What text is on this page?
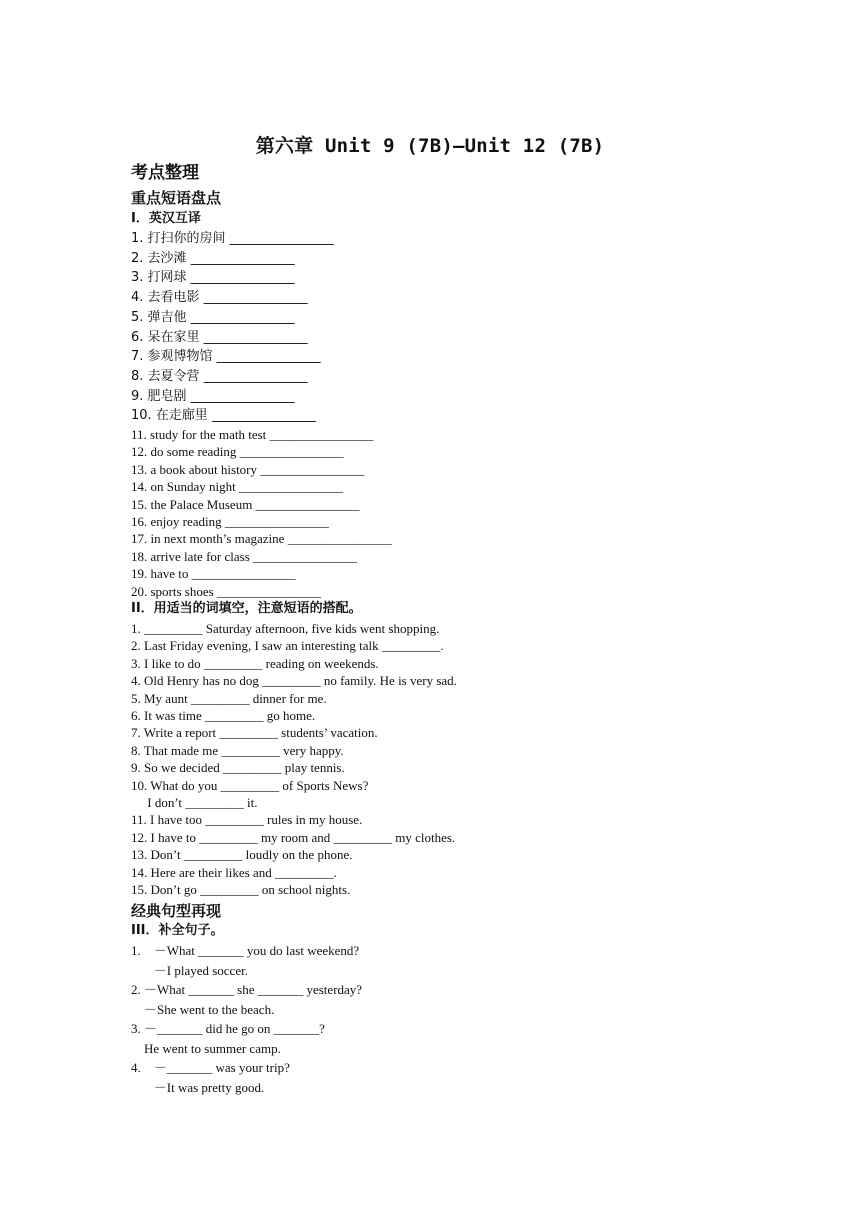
第六章 Unit 9 (7B)—Unit 12 (7B)
考点整理
重点短语盘点
I．英汉互译
1. 打扫你的房间 ________________
2. 去沙滩 ________________
3. 打网球 ________________
4. 去看电影 ________________
5. 弹吉他 ________________
6. 呆在家里 ________________
7. 参观博物馆 ________________
8. 去夏令营 ________________
9. 肥皂剧 ________________
10. 在走廊里 ________________
11. study for the math test ________________
12. do some reading ________________
13. a book about history ________________
14. on Sunday night ________________
15. the Palace Museum ________________
16. enjoy reading ________________
17. in next month’s magazine ________________
18. arrive late for class ________________
19. have to ________________
20. sports shoes ________________
II．用适当的词填空，注意短语的搭配。
1. _________ Saturday afternoon, five kids went shopping.
2. Last Friday evening, I saw an interesting talk _________.
3. I like to do _________ reading on weekends.
4. Old Henry has no dog _________ no family. He is very sad.
5. My aunt _________ dinner for me.
6. It was time _________ go home.
7. Write a report _________ students’ vacation.
8. That made me _________ very happy.
9. So we decided _________ play tennis.
10. What do you _________ of Sports News?
I don’t _________ it.
11. I have too _________ rules in my house.
12. I have to _________ my room and _________ my clothes.
13. Don’t _________ loudly on the phone.
14. Here are their likes and _________.
15. Don’t go _________ on school nights.
经典句型再现
III．补全句子。
1.    －What _______ you do last weekend?
－I played soccer.
2. －What _______ she _______ yesterday?
－She went to the beach.
3. －_______ did he go on _______?
He went to summer camp.
4.    －_______ was your trip?
－It was pretty good.
